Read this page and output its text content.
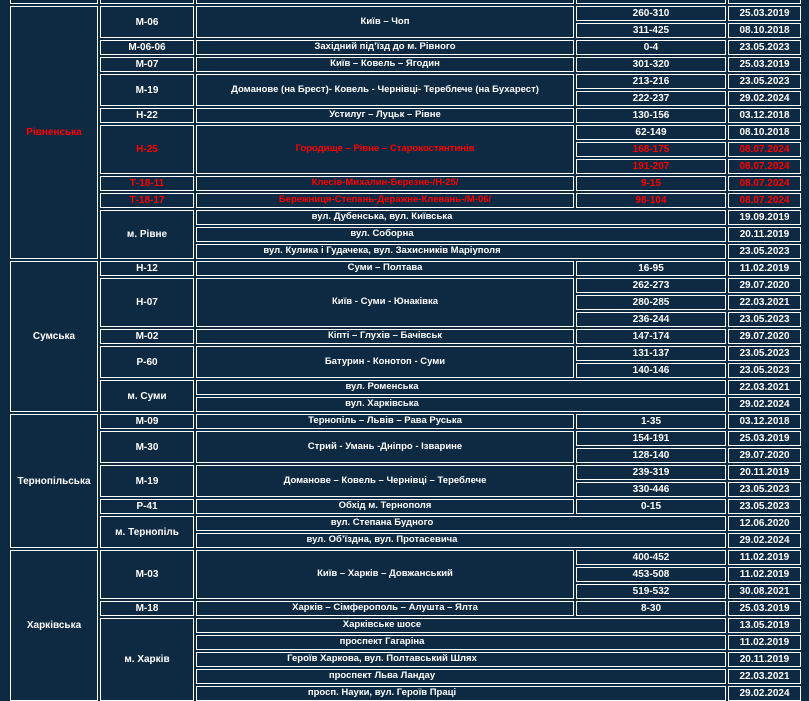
Рівненська	М-06	Київ – Чоп	260-310	25.03.2019
			311-425	08.10.2018
	М-06-06	Західний під’їзд до м. Рівного	0-4	23.05.2023
	М-07	Київ – Ковель – Ягодин	301-320	25.03.2019
	М-19	Доманове (на Брест)- Ковель - Чернівці- Тереблече (на Бухарест)	213-216	23.05.2023
			222-237	29.02.2024
	Н-22	Устилуг – Луцьк – Рівне	130-156	03.12.2018
	Н-25	Городище – Рівне – Старокостянтинів	62-149	08.10.2018
			168-175	08.07.2024
			191-207	08.07.2024
	Т-18-11	Клесів-Михалин-Березне-/Н-25/	9-15	08.07.2024
	Т-18-17	Бережниця-Степань-Деражне-Клевань-/М-06/	98-104	08.07.2024
	м. Рівне	вул. Дубенська, вул. Київська		19.09.2019
		вул. Соборна		20.11.2019
		вул. Кулика і Гудачека, вул. Захисників Маріуполя		23.05.2023
Сумська	Н-12	Суми – Полтава	16-95	11.02.2019
	Н-07	Київ - Суми - Юнаківка	262-273	29.07.2020
			280-285	22.03.2021
			236-244	23.05.2023
	М-02	Кіпті – Глухів – Бачівськ	147-174	29.07.2020
	Р-60	Батурин - Конотоп - Суми	131-137	23.05.2023
			140-146	23.05.2023
	м. Суми	вул. Роменська		22.03.2021
		вул. Харківська		29.02.2024
Тернопільська	М-09	Тернопіль – Львів – Рава Руська	1-35	03.12.2018
	М-30	Стрий - Умань -Дніпро - Ізварине	154-191	25.03.2019
			128-140	29.07.2020
	М-19	Доманове – Ковель – Чернівці – Тереблече	239-319	20.11.2019
			330-446	23.05.2023
	Р-41	Обхід м. Тернополя	0-15	23.05.2023
	м. Тернопіль	вул. Степана Будного		12.06.2020
		вул. Об’їздна, вул. Протасевича		29.02.2024
Харківська	М-03	Київ – Харків – Довжанський	400-452	11.02.2019
			453-508	11.02.2019
			519-532	30.08.2021
	М-18	Харків – Сімферополь – Алушта – Ялта	8-30	25.03.2019
	м. Харків	Харківське шосе		13.05.2019
		проспект Гагаріна		11.02.2019
		Героїв Харкова, вул. Полтавський Шлях		20.11.2019
		проспект Льва Ландау		22.03.2021
		просп. Науки, вул. Героїв Праці		29.02.2024
